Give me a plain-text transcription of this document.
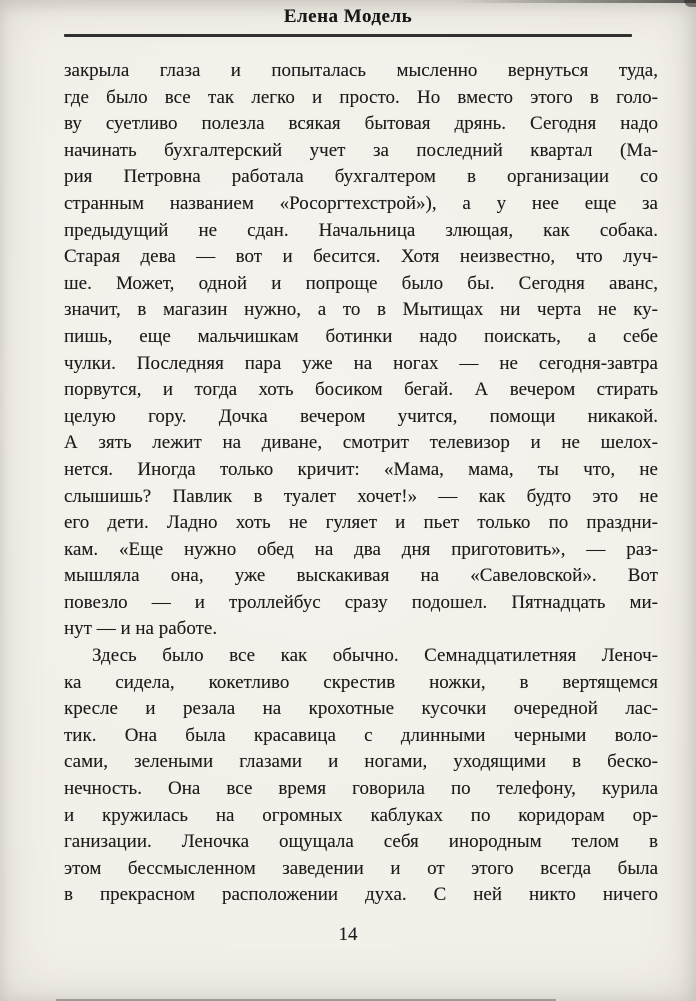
Елена Модель
закрыла глаза и попыталась мысленно вернуться туда,
где было все так легко и просто. Но вместо этого в голо-
ву суетливо полезла всякая бытовая дрянь. Сегодня надо
начинать бухгалтерский учет за последний квартал (Ма-
рия Петровна работала бухгалтером в организации со
странным названием «Росоргтехстрой»), а у нее еще за
предыдущий не сдан. Начальница злющая, как собака.
Старая дева — вот и бесится. Хотя неизвестно, что луч-
ше. Может, одной и попроще было бы. Сегодня аванс,
значит, в магазин нужно, а то в Мытищах ни черта не ку-
пишь, еще мальчишкам ботинки надо поискать, а себе
чулки. Последняя пара уже на ногах — не сегодня-завтра
порвутся, и тогда хоть босиком бегай. А вечером стирать
целую гору. Дочка вечером учится, помощи никакой.
А зять лежит на диване, смотрит телевизор и не шелох-
нется. Иногда только кричит: «Мама, мама, ты что, не
слышишь? Павлик в туалет хочет!» — как будто это не
его дети. Ладно хоть не гуляет и пьет только по праздни-
кам. «Еще нужно обед на два дня приготовить», — раз-
мышляла она, уже выскакивая на «Савеловской». Вот
повезло — и троллейбус сразу подошел. Пятнадцать ми-
нут — и на работе.
Здесь было все как обычно. Семнадцатилетняя Леноч-
ка сидела, кокетливо скрестив ножки, в вертящемся
кресле и резала на крохотные кусочки очередной лас-
тик. Она была красавица с длинными черными воло-
сами, зелеными глазами и ногами, уходящими в беско-
нечность. Она все время говорила по телефону, курила
и кружилась на огромных каблуках по коридорам ор-
ганизации. Леночка ощущала себя инородным телом в
этом бессмысленном заведении и от этого всегда была
в прекрасном расположении духа. С ней никто ничего
14
